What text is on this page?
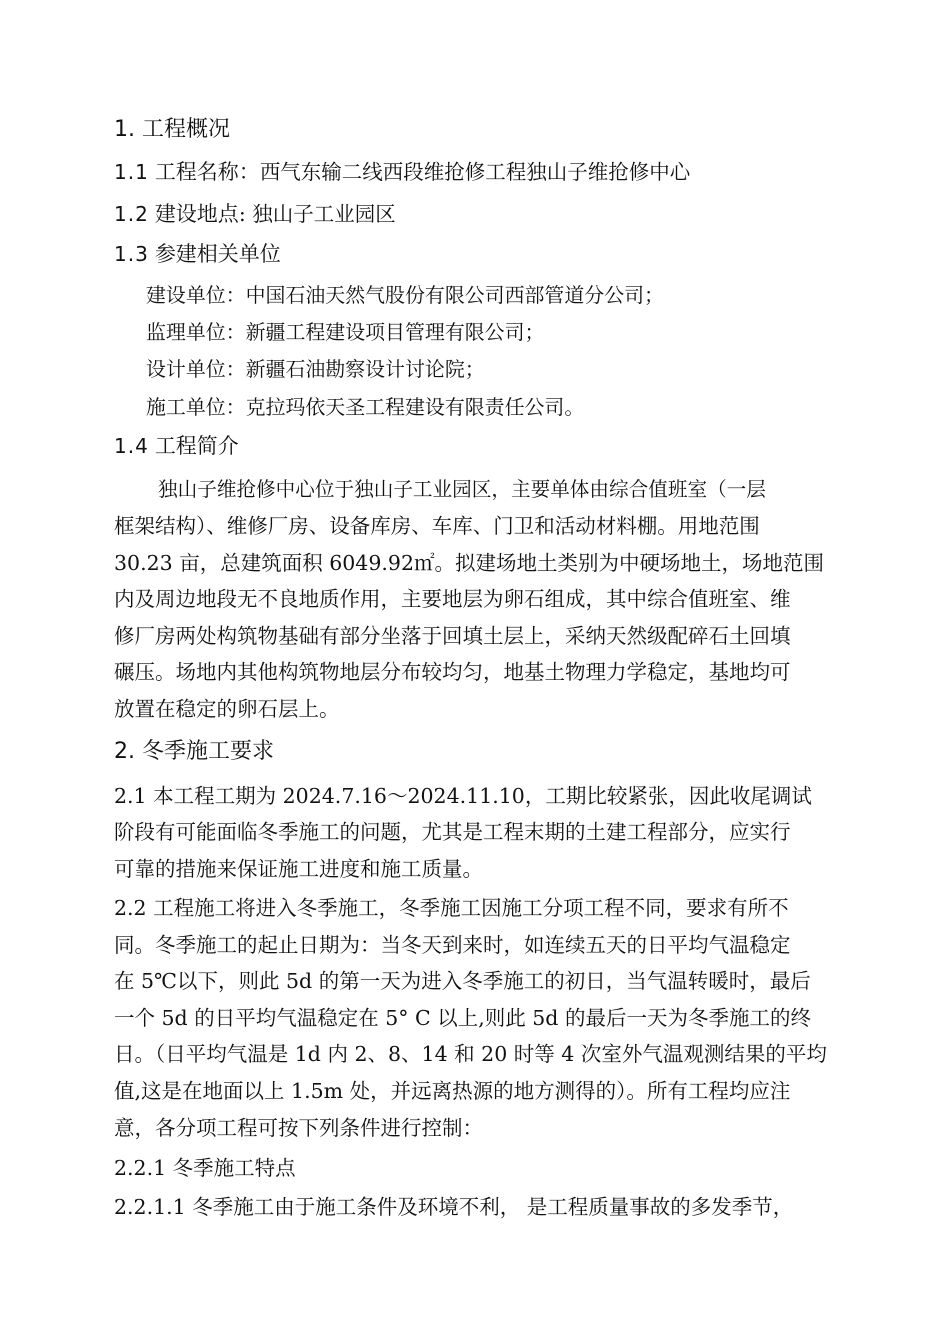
1. 工程概况
1.1 工程名称：西气东输二线西段维抢修工程独山子维抢修中心
1.2 建设地点: 独山子工业园区
1.3 参建相关单位
建设单位：中国石油天然气股份有限公司西部管道分公司；
监理单位：新疆工程建设项目管理有限公司；
设计单位：新疆石油勘察设计讨论院；
施工单位：克拉玛依天圣工程建设有限责任公司。
1.4 工程简介
独山子维抢修中心位于独山子工业园区，主要单体由综合值班室（一层
框架结构）、维修厂房、设备库房、车库、门卫和活动材料棚。用地范围
30.23 亩，总建筑面积 6049.92㎡。拟建场地土类别为中硬场地土，场地范围
内及周边地段无不良地质作用，主要地层为卵石组成，其中综合值班室、维
修厂房两处构筑物基础有部分坐落于回填土层上，采纳天然级配碎石土回填
碾压。场地内其他构筑物地层分布较均匀，地基土物理力学稳定，基地均可
放置在稳定的卵石层上。
2. 冬季施工要求
2.1 本工程工期为 2024.7.16～2024.11.10，工期比较紧张，因此收尾调试
阶段有可能面临冬季施工的问题，尤其是工程末期的土建工程部分，应实行
可靠的措施来保证施工进度和施工质量。
2.2 工程施工将进入冬季施工，冬季施工因施工分项工程不同，要求有所不
同。冬季施工的起止日期为：当冬天到来时，如连续五天的日平均气温稳定
在 5℃以下，则此 5d 的第一天为进入冬季施工的初日，当气温转暖时，最后
一个 5d 的日平均气温稳定在 5° C 以上,则此 5d 的最后一天为冬季施工的终
日。（日平均气温是 1d 内 2、8、14 和 20 时等 4 次室外气温观测结果的平均
值,这是在地面以上 1.5m 处，并远离热源的地方测得的）。所有工程均应注
意，各分项工程可按下列条件进行控制：
2.2.1 冬季施工特点
2.2.1.1 冬季施工由于施工条件及环境不利， 是工程质量事故的多发季节，
